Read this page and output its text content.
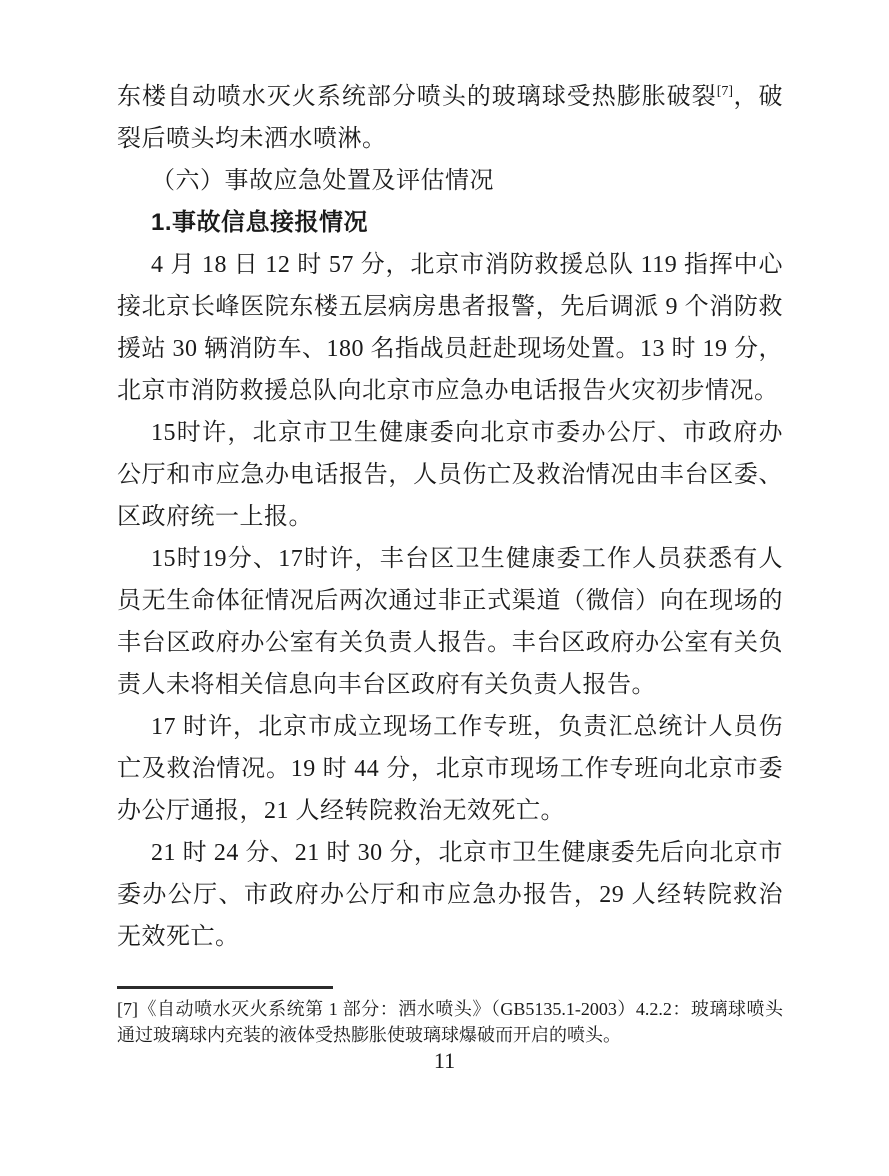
东楼自动喷水灭火系统部分喷头的玻璃球受热膨胀破裂[7]，破裂后喷头均未洒水喷淋。

（六）事故应急处置及评估情况
1.事故信息接报情况

4 月 18 日 12 时 57 分，北京市消防救援总队 119 指挥中心接北京长峰医院东楼五层病房患者报警，先后调派 9 个消防救援站 30 辆消防车、180 名指战员赶赴现场处置。13 时 19 分，北京市消防救援总队向北京市应急办电话报告火灾初步情况。

15时许，北京市卫生健康委向北京市委办公厅、市政府办公厅和市应急办电话报告，人员伤亡及救治情况由丰台区委、区政府统一上报。

15时19分、17时许，丰台区卫生健康委工作人员获悉有人员无生命体征情况后两次通过非正式渠道（微信）向在现场的丰台区政府办公室有关负责人报告。丰台区政府办公室有关负责人未将相关信息向丰台区政府有关负责人报告。

17 时许，北京市成立现场工作专班，负责汇总统计人员伤亡及救治情况。19 时 44 分，北京市现场工作专班向北京市委办公厅通报，21 人经转院救治无效死亡。

21 时 24 分、21 时 30 分，北京市卫生健康委先后向北京市委办公厅、市政府办公厅和市应急办报告，29 人经转院救治无效死亡。

[7]《自动喷水灭火系统第 1 部分：洒水喷头》（GB5135.1-2003）4.2.2：玻璃球喷头 通过玻璃球内充装的液体受热膨胀使玻璃球爆破而开启的喷头。

11
